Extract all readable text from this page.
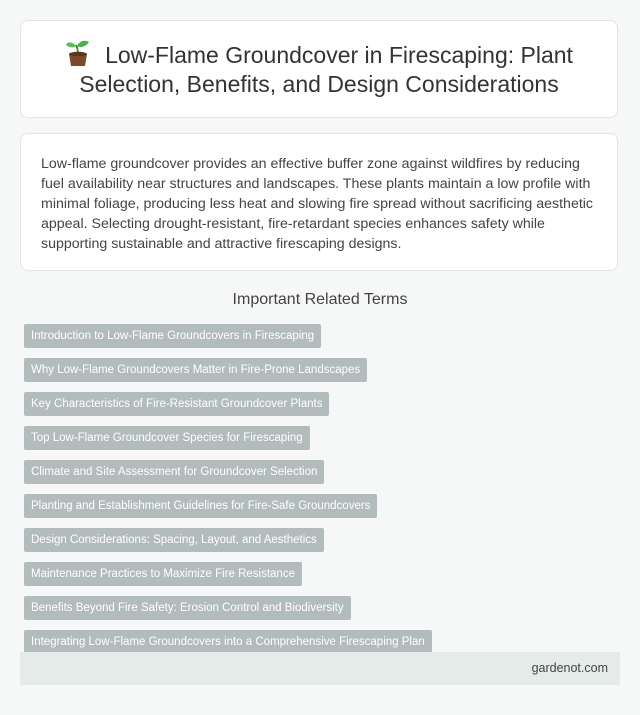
Low-Flame Groundcover in Firescaping: Plant Selection, Benefits, and Design Considerations

Low-flame groundcover provides an effective buffer zone against wildfires by reducing fuel availability near structures and landscapes. These plants maintain a low profile with minimal foliage, producing less heat and slowing fire spread without sacrificing aesthetic appeal. Selecting drought-resistant, fire-retardant species enhances safety while supporting sustainable and attractive firescaping designs.

Important Related Terms
Introduction to Low-Flame Groundcovers in Firescaping
Why Low-Flame Groundcovers Matter in Fire-Prone Landscapes
Key Characteristics of Fire-Resistant Groundcover Plants
Top Low-Flame Groundcover Species for Firescaping
Climate and Site Assessment for Groundcover Selection
Planting and Establishment Guidelines for Fire-Safe Groundcovers
Design Considerations: Spacing, Layout, and Aesthetics
Maintenance Practices to Maximize Fire Resistance
Benefits Beyond Fire Safety: Erosion Control and Biodiversity
Integrating Low-Flame Groundcovers into a Comprehensive Firescaping Plan
gardenot.com
